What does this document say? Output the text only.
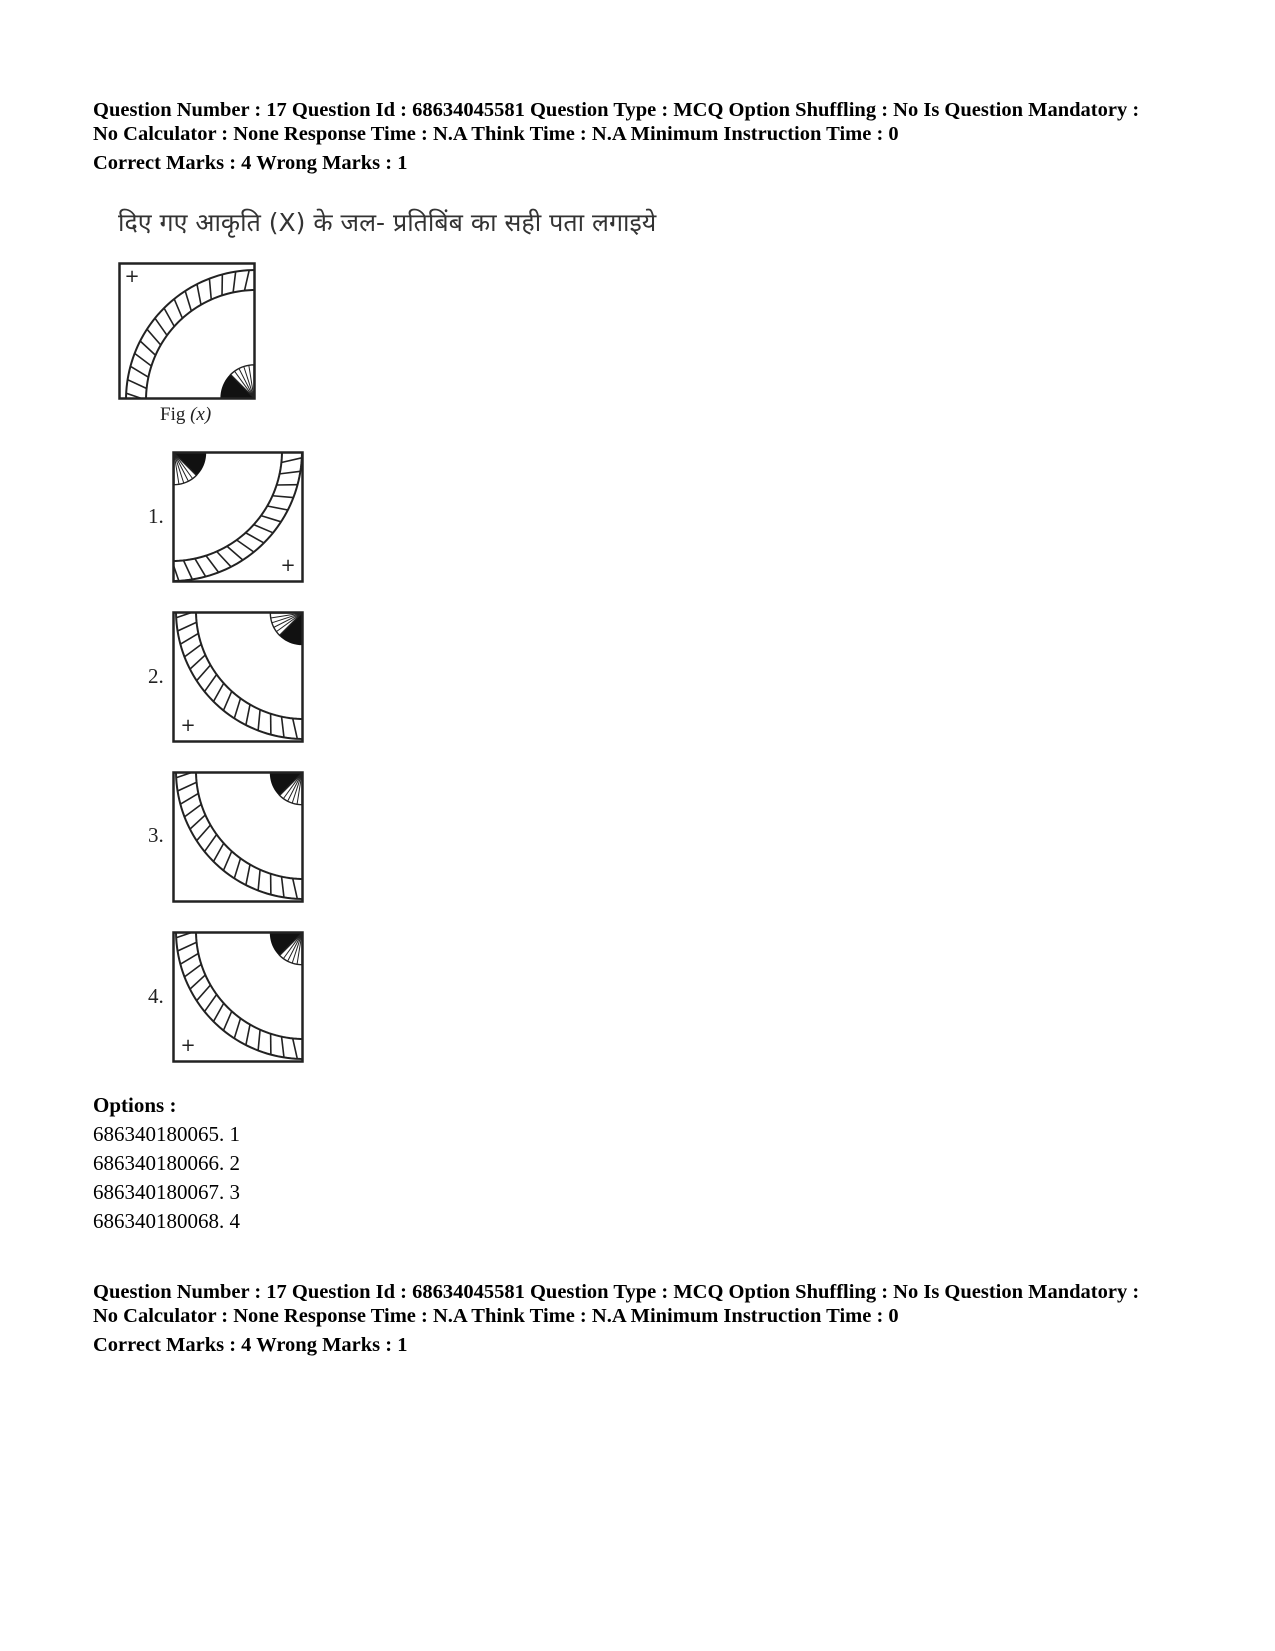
Question Number : 17 Question Id : 68634045581 Question Type : MCQ Option Shuffling : No Is Question Mandatory :
No Calculator : None Response Time : N.A Think Time : N.A Minimum Instruction Time : 0
Correct Marks : 4 Wrong Marks : 1
दिए गए आकृति (X) के जल- प्रतिबिंब का सही पता लगाइये
+
Fig (x)
1.
+
2.
+
3.
4.
+
Options :
686340180065. 1
686340180066. 2
686340180067. 3
686340180068. 4
Question Number : 17 Question Id : 68634045581 Question Type : MCQ Option Shuffling : No Is Question Mandatory :
No Calculator : None Response Time : N.A Think Time : N.A Minimum Instruction Time : 0
Correct Marks : 4 Wrong Marks : 1
